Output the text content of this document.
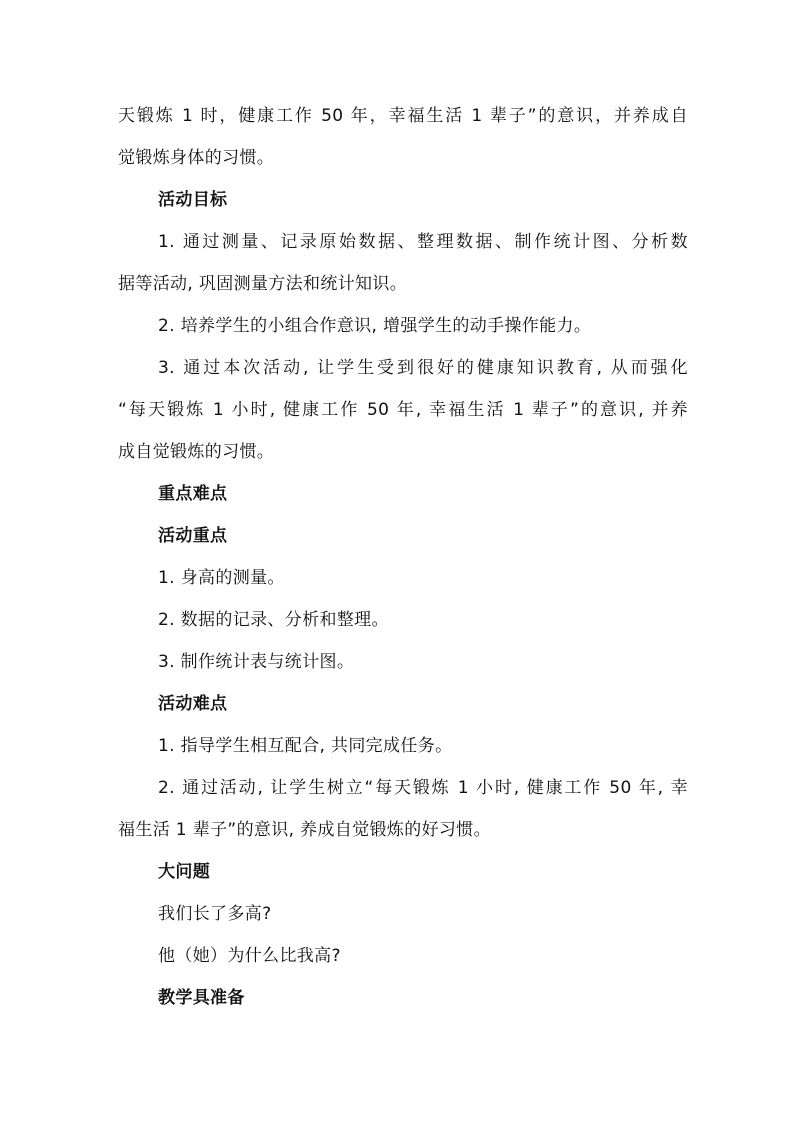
天锻炼 1 时，健康工作 50 年，幸福生活 1 辈子”的意识，并养成自
觉锻炼身体的习惯。
活动目标
1. 通过测量、记录原始数据、整理数据、制作统计图、分析数
据等活动, 巩固测量方法和统计知识。
2. 培养学生的小组合作意识, 增强学生的动手操作能力。
3. 通过本次活动, 让学生受到很好的健康知识教育, 从而强化
“每天锻炼 1 小时, 健康工作 50 年, 幸福生活 1 辈子”的意识, 并养
成自觉锻炼的习惯。
重点难点
活动重点
1. 身高的测量。
2. 数据的记录、分析和整理。
3. 制作统计表与统计图。
活动难点
1. 指导学生相互配合, 共同完成任务。
2. 通过活动, 让学生树立“每天锻炼 1 小时, 健康工作 50 年, 幸
福生活 1 辈子”的意识, 养成自觉锻炼的好习惯。
大问题
我们长了多高?
他（她）为什么比我高?
教学具准备
